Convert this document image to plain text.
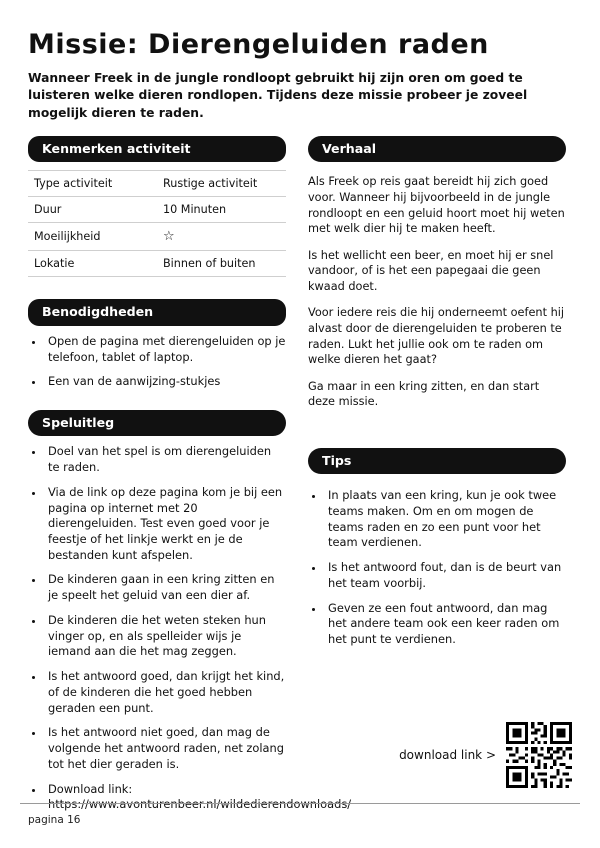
Missie: Dierengeluiden raden

Wanneer Freek in de jungle rondloopt gebruikt hij zijn oren om goed te luisteren welke dieren rondlopen. Tijdens deze missie probeer je zoveel mogelijk dieren te raden.

Kenmerken activiteit
Type activiteit	Rustige activiteit
Duur	10 Minuten
Moeilijkheid	☆
Lokatie	Binnen of buiten
Benodigdheden
• Open de pagina met dierengeluiden op je telefoon, tablet of laptop.
• Een van de aanwijzing-stukjes
Speluitleg
• Doel van het spel is om dierengeluiden te raden.
• Via de link op deze pagina kom je bij een pagina op internet met 20 dierengeluiden. Test even goed voor je feestje of het linkje werkt en je de bestanden kunt afspelen.
• De kinderen gaan in een kring zitten en je speelt het geluid van een dier af.
• De kinderen die het weten steken hun vinger op, en als spelleider wijs je iemand aan die het mag zeggen.
• Is het antwoord goed, dan krijgt het kind, of de kinderen die het goed hebben geraden een punt.
• Is het antwoord niet goed, dan mag de volgende het antwoord raden, net zolang tot het dier geraden is.
• Download link: https://www.avonturenbeer.nl/wildedierendownloads/
Verhaal

Als Freek op reis gaat bereidt hij zich goed voor. Wanneer hij bijvoorbeeld in de jungle rondloopt en een geluid hoort moet hij weten met welk dier hij te maken heeft.

Is het wellicht een beer, en moet hij er snel vandoor, of is het een papegaai die geen kwaad doet.

Voor iedere reis die hij onderneemt oefent hij alvast door de dierengeluiden te proberen te raden. Lukt het jullie ook om te raden om welke dieren het gaat?

Ga maar in een kring zitten, en dan start deze missie.

Tips
• In plaats van een kring, kun je ook twee teams maken. Om en om mogen de teams raden en zo een punt voor het team verdienen.
• Is het antwoord fout, dan is de beurt van het team voorbij.
• Geven ze een fout antwoord, dan mag het andere team ook een keer raden om het punt te verdienen.
download link >
pagina 16
